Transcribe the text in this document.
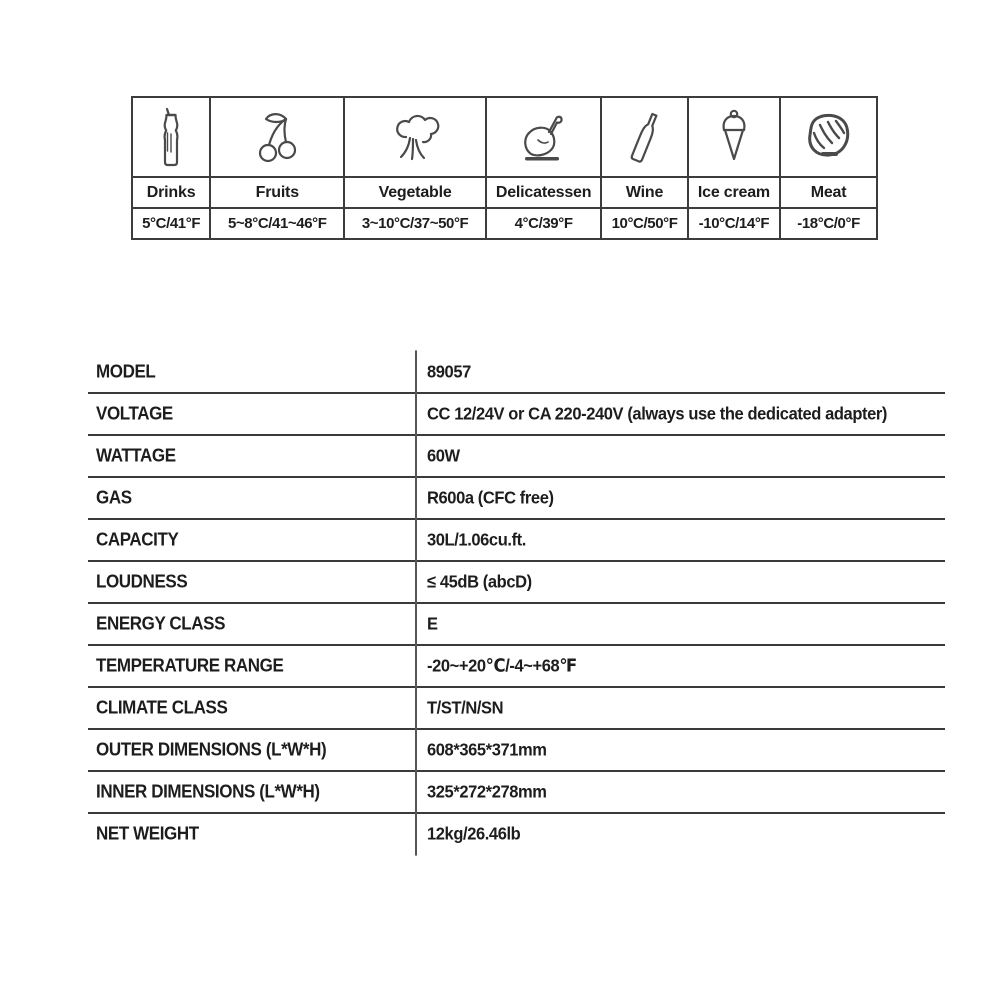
Drinks	Fruits	Vegetable	Delicatessen	Wine	Ice cream	Meat
5°C/41°F	5~8°C/41~46°F	3~10°C/37~50°F	4°C/39°F	10°C/50°F	-10°C/14°F	-18°C/0°F
MODEL	89057
VOLTAGE	CC 12/24V or CA 220-240V (always use the dedicated adapter)
WATTAGE	60W
GAS	R600a (CFC free)
CAPACITY	30L/1.06cu.ft.
LOUDNESS	≤ 45dB (abcD)
ENERGY CLASS	E
TEMPERATURE RANGE	-20~+20℃/-4~+68℉
CLIMATE CLASS	T/ST/N/SN
OUTER DIMENSIONS (L*W*H)	608*365*371mm
INNER DIMENSIONS (L*W*H)	325*272*278mm
NET WEIGHT	12kg/26.46lb
